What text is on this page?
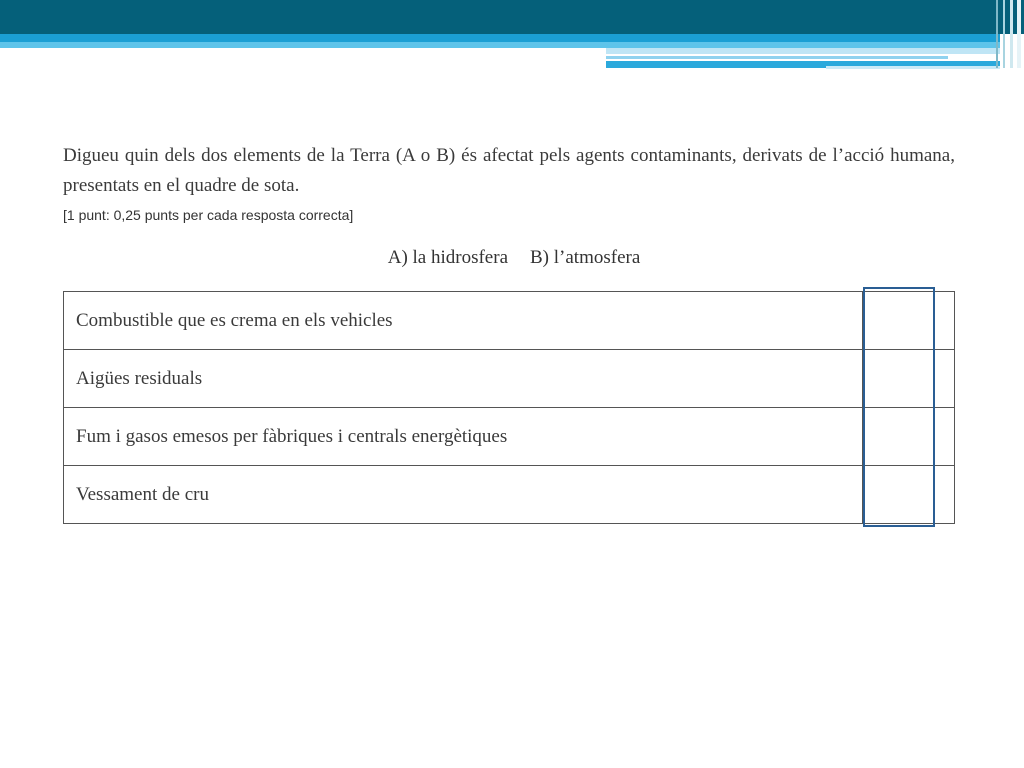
Digueu quin dels dos elements de la Terra (A o B) és afectat pels agents contaminants, derivats de l’acció humana, presentats en el quadre de sota.
[1 punt: 0,25 punts per cada resposta correcta]
A) la hidrosfera B) l’atmosfera
Combustible que es crema en els vehicles	
Aigües residuals	
Fum i gasos emesos per fàbriques i centrals energètiques	
Vessament de cru	
